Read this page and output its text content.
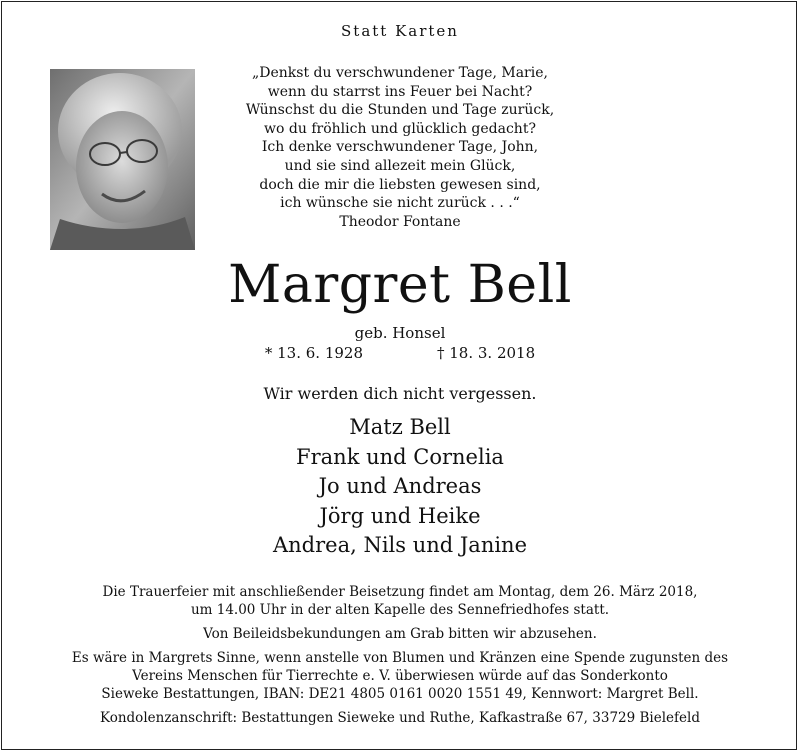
Statt Karten
„Denkst du verschwundener Tage, Marie,
wenn du starrst ins Feuer bei Nacht?
Wünschst du die Stunden und Tage zurück,
wo du fröhlich und glücklich gedacht?
Ich denke verschwundener Tage, John,
und sie sind allezeit mein Glück,
doch die mir die liebsten gewesen sind,
ich wünsche sie nicht zurück . . .“
Theodor Fontane
Margret Bell
geb. Honsel
* 13. 6. 1928	† 18. 3. 2018
Wir werden dich nicht vergessen.
Matz Bell
Frank und Cornelia
Jo und Andreas
Jörg und Heike
Andrea, Nils und Janine
Die Trauerfeier mit anschließender Beisetzung findet am Montag, dem 26. März 2018,
um 14.00 Uhr in der alten Kapelle des Sennefriedhofes statt.
Von Beileidsbekundungen am Grab bitten wir abzusehen.
Es wäre in Margrets Sinne, wenn anstelle von Blumen und Kränzen eine Spende zugunsten des
Vereins Menschen für Tierrechte e. V. überwiesen würde auf das Sonderkonto
Sieweke Bestattungen, IBAN: DE21 4805 0161 0020 1551 49, Kennwort: Margret Bell.
Kondolenzanschrift: Bestattungen Sieweke und Ruthe, Kafkastraße 67, 33729 Bielefeld
